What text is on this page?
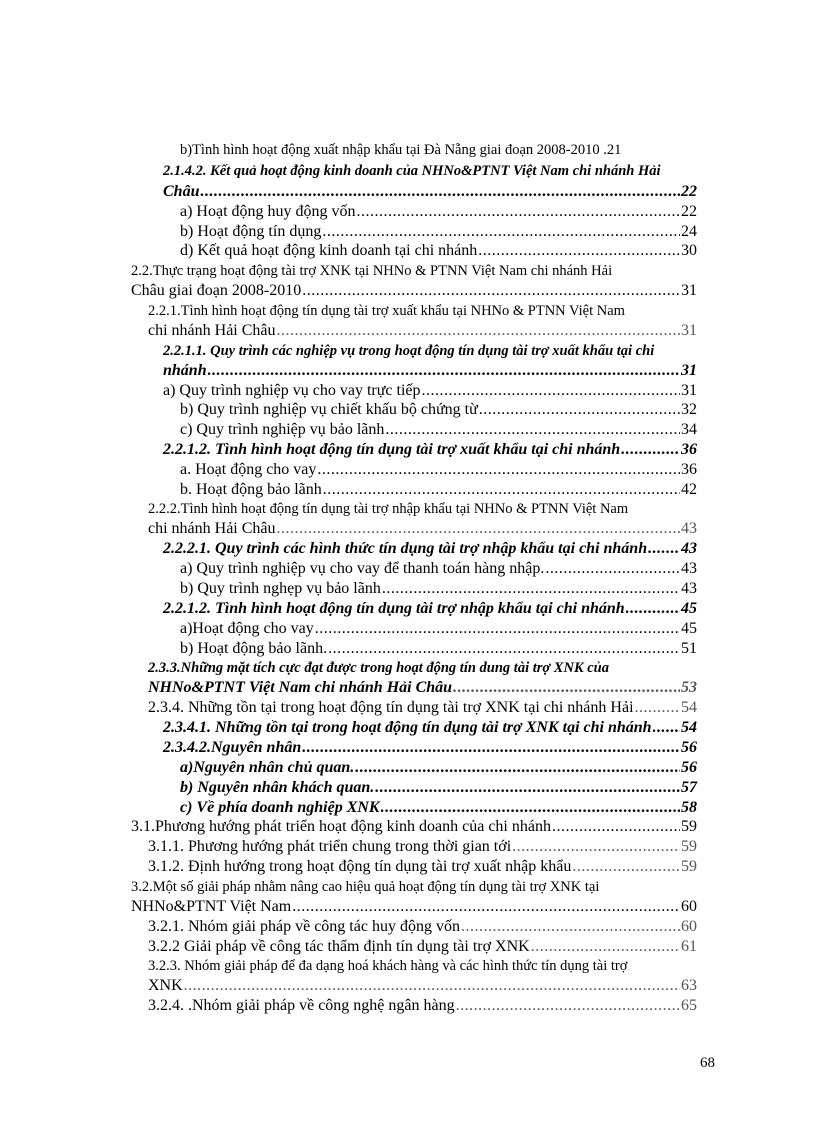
b)Tình hình hoạt động xuất nhập khẩu tại Đà Nẵng giai đoạn 2008-2010 .21
2.1.4.2. Kết quả hoạt động kinh doanh của NHNo&PTNT Việt Nam chi nhánh Hải
Châu .....	22
a) Hoạt động huy động vốn .....	22
b) Hoạt động tín dụng .....	24
d) Kết quả hoạt động kinh doanh tại chi nhánh .....	30
2.2.Thực trạng hoạt động tài trợ XNK tại NHNo & PTNN Việt Nam chi nhánh Hải
Châu giai đoạn 2008-2010 .....	31
2.2.1.Tình hình hoạt động tín dụng tài trợ xuất khẩu tại NHNo & PTNN Việt Nam
chi nhánh Hải Châu .....	31
2.2.1.1. Quy trình các nghiệp vụ trong hoạt động tín dụng tài trợ xuất khẩu tại chi
nhánh .....	31
a) Quy trình nghiệp vụ cho vay trực tiếp .....	31
b) Quy trình nghiệp vụ chiết khấu bộ chứng từ .....	32
c) Quy trình nghiệp vụ bảo lãnh .....	34
2.2.1.2. Tình hình hoạt động tín dụng tài trợ xuất khẩu tại chi nhánh .....	36
a. Hoạt động cho vay .....	36
b. Hoạt động bảo lãnh .....	42
2.2.2.Tình hình hoạt động tín dụng tài trợ nhập khẩu tại NHNo & PTNN Việt Nam
chi nhánh Hải Châu .....	43
2.2.2.1. Quy trình các hình thức tín dụng tài trợ nhập khẩu tại chi nhánh ..... 43
a) Quy trình nghiệp vụ cho vay để thanh toán hàng nhập. .....	43
b) Quy trình nghẹp vụ bảo lãnh .....	43
2.2.1.2. Tình hình hoạt động tín dụng tài trợ nhập khẩu tại chi nhánh .....	45
a)Hoạt động cho vay .....	45
b) Hoạt động bảo lãnh. .....	51
2.3.3.Những mặt tích cực đạt được trong hoạt động tín dung tài trợ XNK của
NHNo&PTNT Việt Nam chi nhánh Hải Châu .....	53
2.3.4. Những tồn tại trong hoạt động tín dụng tài trợ XNK tại chi nhánh Hải .....	54
2.3.4.1. Những tồn tại trong hoạt động tín dụng tài trợ XNK tại chi nhánh ..... 54
2.3.4.2.Nguyên nhân .....	56
a)Nguyên nhân chủ quan. .....	56
b) Nguyên nhân khách quan. .....	57
c) Về phía doanh nghiệp XNK .....	58
3.1.Phương hướng phát triển hoạt động kinh doanh của chi nhánh .....	59
3.1.1. Phương hướng phát triển chung trong thời gian tới .....	59
3.1.2. Định hướng trong hoạt động tín dụng tài trợ xuất nhập khẩu .....	59
3.2.Một số giải pháp nhằm nâng cao hiệu quả hoạt động tín dụng tài trợ XNK tại
NHNo&PTNT Việt Nam .....	60
3.2.1. Nhóm giải pháp về công tác huy động vốn .....	60
3.2.2 Giải pháp về công tác thẩm định tín dụng tài trợ XNK .....	61
3.2.3. Nhóm giải pháp để đa dạng hoá khách hàng và các hình thức tín dụng tài trợ
XNK .....	63
3.2.4. .Nhóm giải pháp về công nghệ ngân hàng .....	65
68
